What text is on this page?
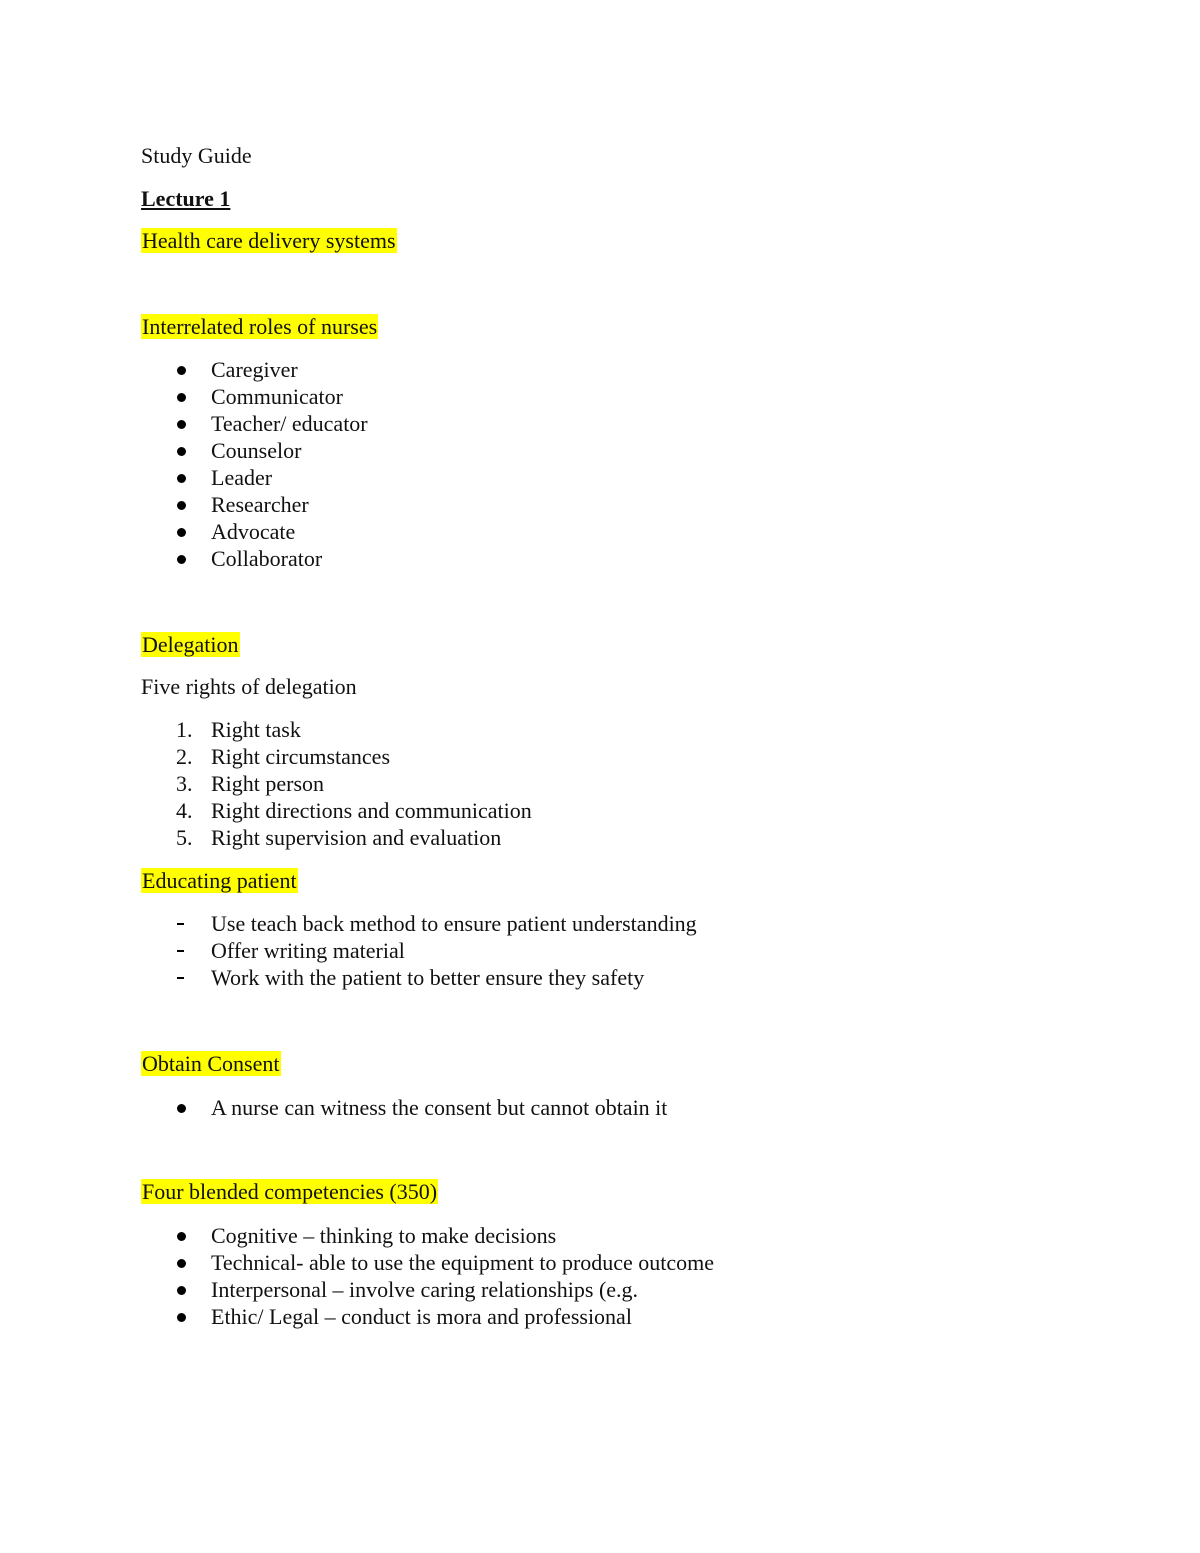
Study Guide
Lecture 1
Health care delivery systems
Interrelated roles of nurses
Caregiver
Communicator
Teacher/ educator
Counselor
Leader
Researcher
Advocate
Collaborator
Delegation
Five rights of delegation
1. Right task
2. Right circumstances
3. Right person
4. Right directions and communication
5. Right supervision and evaluation
Educating patient
Use teach back method to ensure patient understanding
Offer writing material
Work with the patient to better ensure they safety
Obtain Consent
A nurse can witness the consent but cannot obtain it
Four blended competencies (350)
Cognitive – thinking to make decisions
Technical- able to use the equipment to produce outcome
Interpersonal – involve caring relationships (e.g.
Ethic/ Legal – conduct is mora and professional
